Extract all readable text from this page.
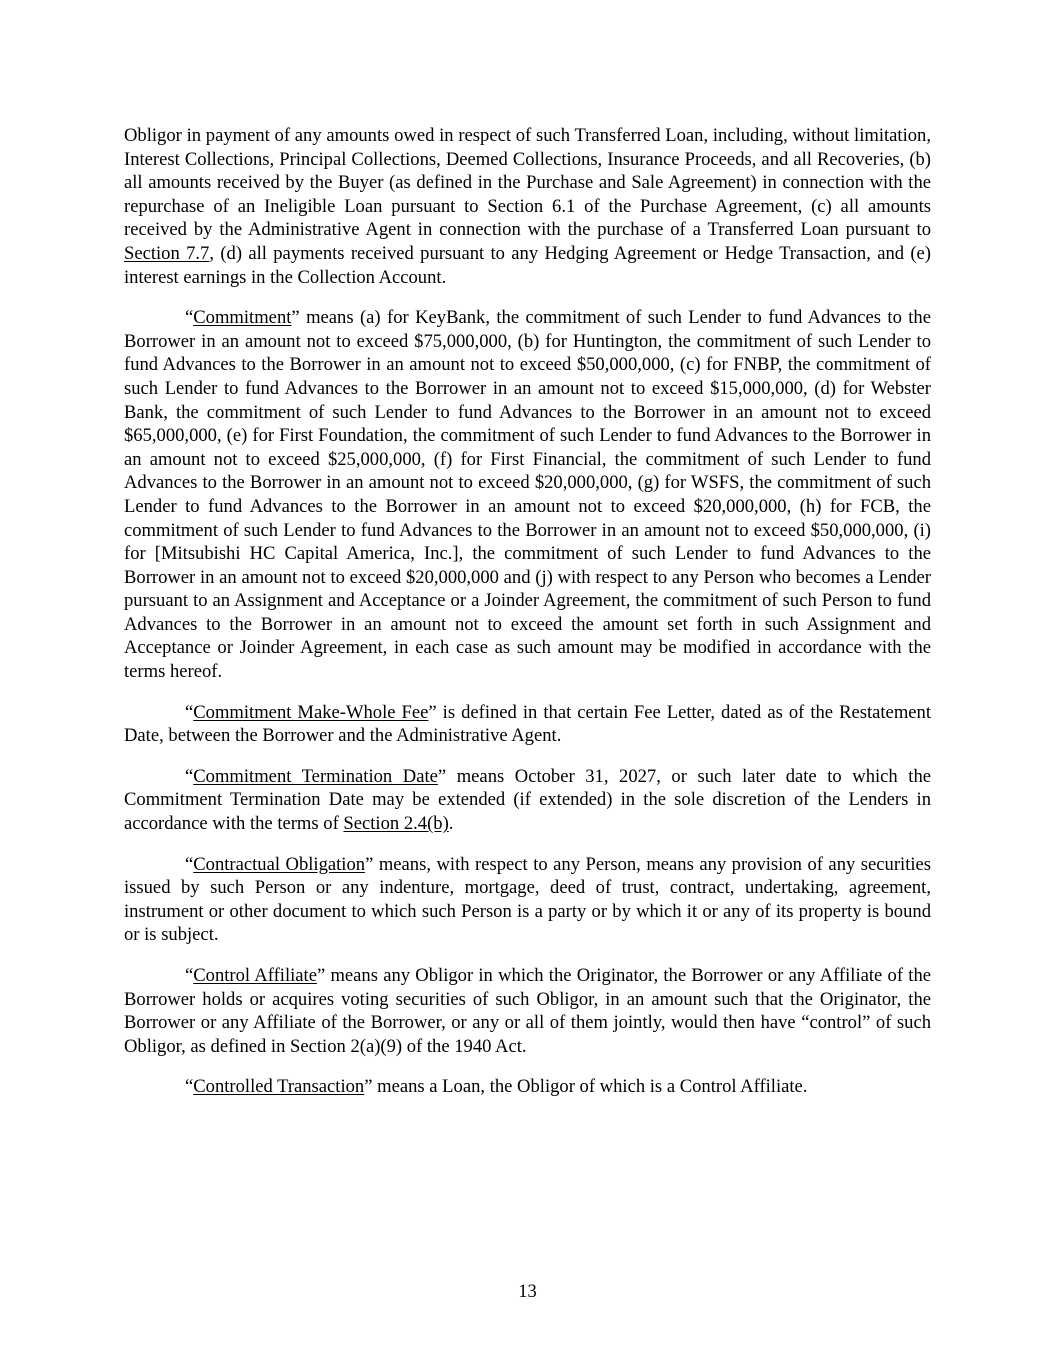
Obligor in payment of any amounts owed in respect of such Transferred Loan, including, without limitation, Interest Collections, Principal Collections, Deemed Collections, Insurance Proceeds, and all Recoveries, (b) all amounts received by the Buyer (as defined in the Purchase and Sale Agreement) in connection with the repurchase of an Ineligible Loan pursuant to Section 6.1 of the Purchase Agreement, (c) all amounts received by the Administrative Agent in connection with the purchase of a Transferred Loan pursuant to Section 7.7, (d) all payments received pursuant to any Hedging Agreement or Hedge Transaction, and (e) interest earnings in the Collection Account.

“Commitment” means (a) for KeyBank, the commitment of such Lender to fund Advances to the Borrower in an amount not to exceed $75,000,000, (b) for Huntington, the commitment of such Lender to fund Advances to the Borrower in an amount not to exceed $50,000,000, (c) for FNBP, the commitment of such Lender to fund Advances to the Borrower in an amount not to exceed $15,000,000, (d) for Webster Bank, the commitment of such Lender to fund Advances to the Borrower in an amount not to exceed $65,000,000, (e) for First Foundation, the commitment of such Lender to fund Advances to the Borrower in an amount not to exceed $25,000,000, (f) for First Financial, the commitment of such Lender to fund Advances to the Borrower in an amount not to exceed $20,000,000, (g) for WSFS, the commitment of such Lender to fund Advances to the Borrower in an amount not to exceed $20,000,000, (h) for FCB, the commitment of such Lender to fund Advances to the Borrower in an amount not to exceed $50,000,000, (i) for [Mitsubishi HC Capital America, Inc.], the commitment of such Lender to fund Advances to the Borrower in an amount not to exceed $20,000,000 and (j) with respect to any Person who becomes a Lender pursuant to an Assignment and Acceptance or a Joinder Agreement, the commitment of such Person to fund Advances to the Borrower in an amount not to exceed the amount set forth in such Assignment and Acceptance or Joinder Agreement, in each case as such amount may be modified in accordance with the terms hereof.

“Commitment Make-Whole Fee” is defined in that certain Fee Letter, dated as of the Restatement Date, between the Borrower and the Administrative Agent.

“Commitment Termination Date” means October 31, 2027, or such later date to which the Commitment Termination Date may be extended (if extended) in the sole discretion of the Lenders in accordance with the terms of Section 2.4(b).

“Contractual Obligation” means, with respect to any Person, means any provision of any securities issued by such Person or any indenture, mortgage, deed of trust, contract, undertaking, agreement, instrument or other document to which such Person is a party or by which it or any of its property is bound or is subject.

“Control Affiliate” means any Obligor in which the Originator, the Borrower or any Affiliate of the Borrower holds or acquires voting securities of such Obligor, in an amount such that the Originator, the Borrower or any Affiliate of the Borrower, or any or all of them jointly, would then have “control” of such Obligor, as defined in Section 2(a)(9) of the 1940 Act.

“Controlled Transaction” means a Loan, the Obligor of which is a Control Affiliate.

13
